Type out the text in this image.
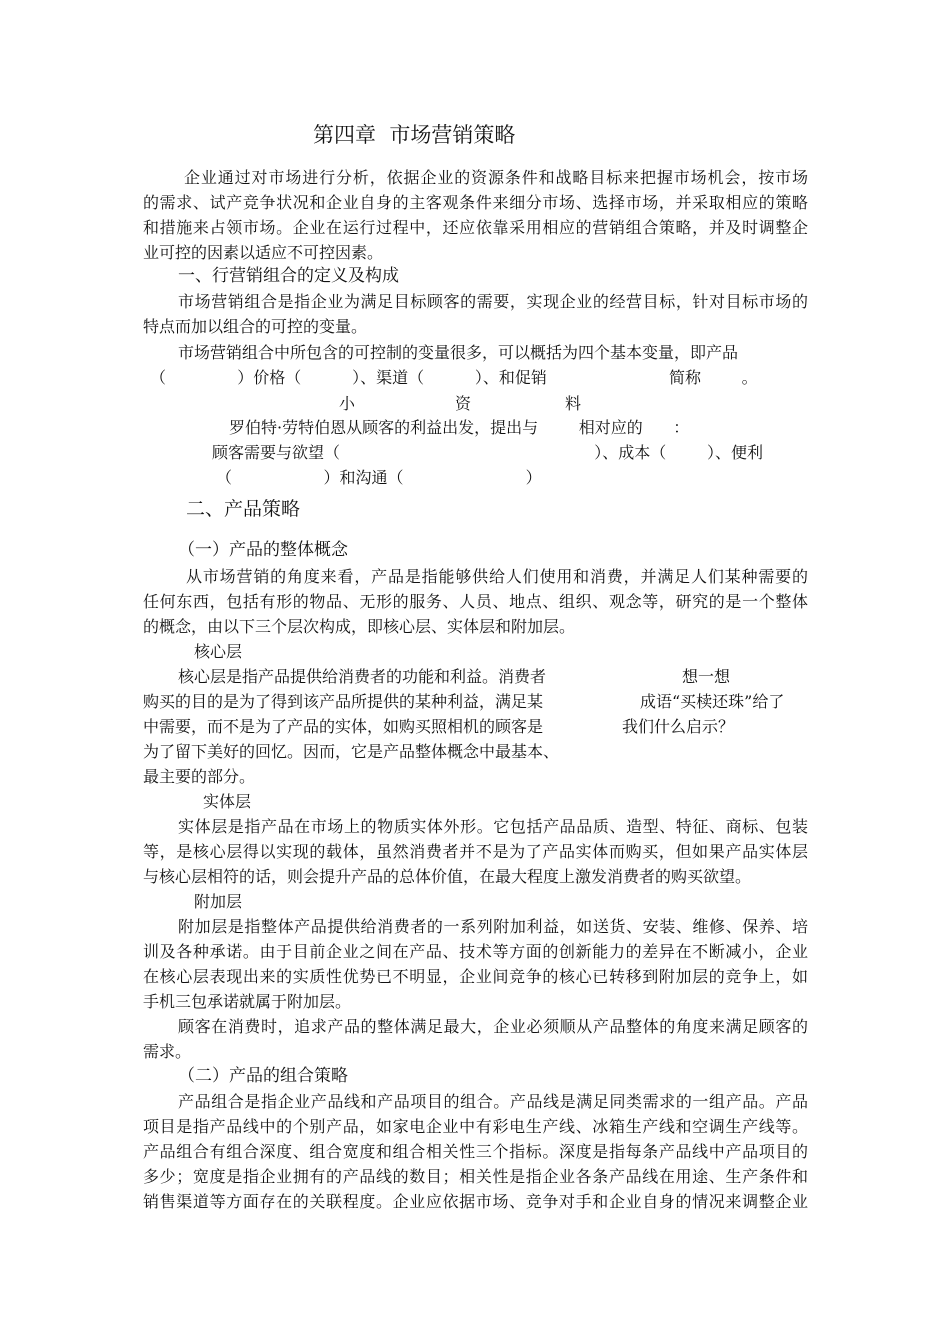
第四章  市场营销策略
企业通过对市场进行分析，依据企业的资源条件和战略目标来把握市场机会，按市场
的需求、试产竞争状况和企业自身的主客观条件来细分市场、选择市场，并采取相应的策略
和措施来占领市场。企业在运行过程中，还应依靠采用相应的营销组合策略，并及时调整企
业可控的因素以适应不可控因素。
一、行营销组合的定义及构成
市场营销组合是指企业为满足目标顾客的需要，实现企业的经营目标，针对目标市场的
特点而加以组合的可控的变量。
市场营销组合中所包含的可控制的变量很多，可以概括为四个基本变量，即产品
（              ）价格（          ）、渠道（          ）、和促销                        简称        。
小	资	料
罗伯特·劳特伯恩从顾客的利益出发，提出与        相对应的      ：
顾客需要与欲望（                                                  ）、成本（        ）、便利
（                  ）和沟通（                        ）
二、产品策略
（一）产品的整体概念
从市场营销的角度来看，产品是指能够供给人们使用和消费，并满足人们某种需要的
任何东西，包括有形的物品、无形的服务、人员、地点、组织、观念等，研究的是一个整体
的概念，由以下三个层次构成，即核心层、实体层和附加层。
核心层
核心层是指产品提供给消费者的功能和利益。消费者
购买的目的是为了得到该产品所提供的某种利益，满足某
中需要，而不是为了产品的实体，如购买照相机的顾客是
为了留下美好的回忆。因而，它是产品整体概念中最基本、
最主要的部分。
想一想
成语“买椟还珠”给了
我们什么启示？
实体层
实体层是指产品在市场上的物质实体外形。它包括产品品质、造型、特征、商标、包装
等，是核心层得以实现的载体，虽然消费者并不是为了产品实体而购买，但如果产品实体层
与核心层相符的话，则会提升产品的总体价值，在最大程度上激发消费者的购买欲望。
附加层
附加层是指整体产品提供给消费者的一系列附加利益，如送货、安装、维修、保养、培
训及各种承诺。由于目前企业之间在产品、技术等方面的创新能力的差异在不断减小，企业
在核心层表现出来的实质性优势已不明显，企业间竞争的核心已转移到附加层的竞争上，如
手机三包承诺就属于附加层。
顾客在消费时，追求产品的整体满足最大，企业必须顺从产品整体的角度来满足顾客的
需求。
（二）产品的组合策略
产品组合是指企业产品线和产品项目的组合。产品线是满足同类需求的一组产品。产品
项目是指产品线中的个别产品，如家电企业中有彩电生产线、冰箱生产线和空调生产线等。
产品组合有组合深度、组合宽度和组合相关性三个指标。深度是指每条产品线中产品项目的
多少；宽度是指企业拥有的产品线的数目；相关性是指企业各条产品线在用途、生产条件和
销售渠道等方面存在的关联程度。企业应依据市场、竞争对手和企业自身的情况来调整企业
